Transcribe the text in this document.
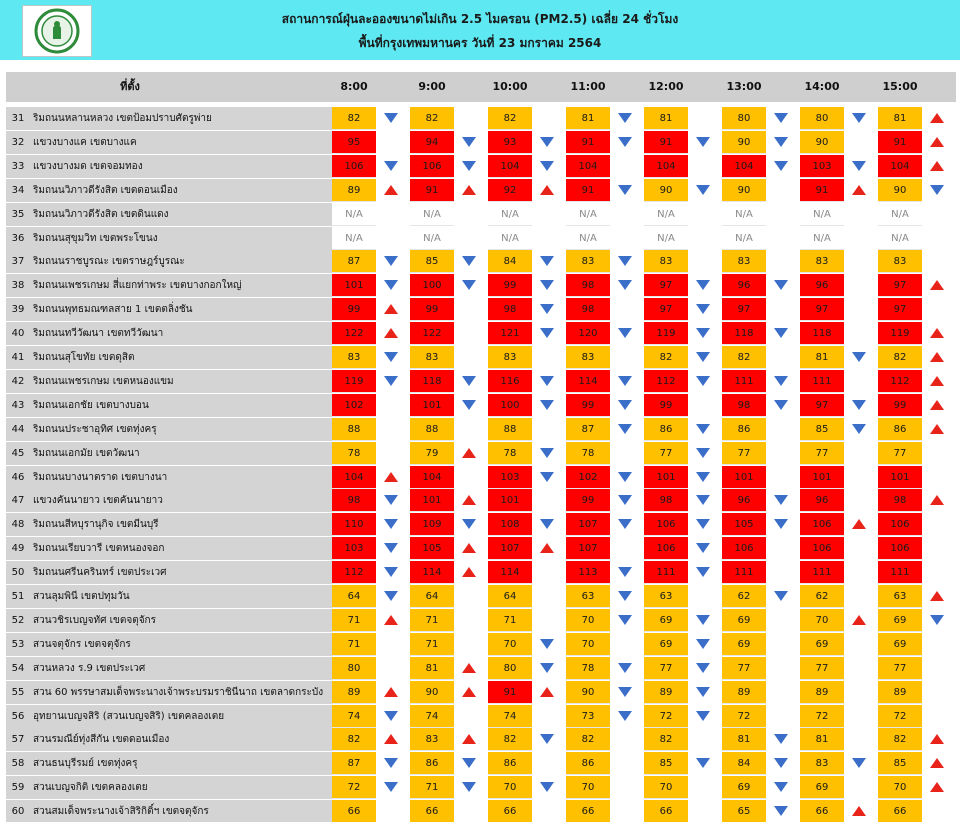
สถานการณ์ฝุ่นละอองขนาดไม่เกิน 2.5 ไมครอน (PM2.5) เฉลี่ย 24 ชั่วโมง
พื้นที่กรุงเทพมหานคร วันที่ 23 มกราคม 2564
ที่ตั้ง	8:00	9:00	10:00	11:00	12:00	13:00	14:00	15:00
31 ริมถนนหลานหลวง เขตป้อมปราบศัตรูพ่าย	82	82	82	81	81	80	80	81
32 แขวงบางแค เขตบางแค	95	94	93	91	91	90	90	91
33 แขวงบางมด เขตจอมทอง	106	106	104	104	104	104	103	104
34 ริมถนนวิภาวดีรังสิต เขตดอนเมือง	89	91	92	91	90	90	91	90
35 ริมถนนวิภาวดีรังสิต เขตดินแดง	N/A	N/A	N/A	N/A	N/A	N/A	N/A	N/A
36 ริมถนนสุขุมวิท เขตพระโขนง	N/A	N/A	N/A	N/A	N/A	N/A	N/A	N/A
37 ริมถนนราชบูรณะ เขตราษฎร์บูรณะ	87	85	84	83	83	83	83	83
38 ริมถนนเพชรเกษม สี่แยกท่าพระ เขตบางกอกใหญ่	101	100	99	98	97	96	96	97
39 ริมถนนพุทธมณฑลสาย 1 เขตตลิ่งชัน	99	99	98	98	97	97	97	97
40 ริมถนนทวีวัฒนา เขตทวีวัฒนา	122	122	121	120	119	118	118	119
41 ริมถนนสุโขทัย เขตดุสิต	83	83	83	83	82	82	81	82
42 ริมถนนเพชรเกษม เขตหนองแขม	119	118	116	114	112	111	111	112
43 ริมถนนเอกชัย เขตบางบอน	102	101	100	99	99	98	97	99
44 ริมถนนประชาอุทิศ เขตทุ่งครุ	88	88	88	87	86	86	85	86
45 ริมถนนเอกมัย เขตวัฒนา	78	79	78	78	77	77	77	77
46 ริมถนนบางนาตราด เขตบางนา	104	104	103	102	101	101	101	101
47 แขวงคันนายาว เขตคันนายาว	98	101	101	99	98	96	96	98
48 ริมถนนสีหบุรานุกิจ เขตมีนบุรี	110	109	108	107	106	105	106	106
49 ริมถนนเรียบวารี เขตหนองจอก	103	105	107	107	106	106	106	106
50 ริมถนนศรีนครินทร์ เขตประเวศ	112	114	114	113	111	111	111	111
51 สวนลุมพินี เขตปทุมวัน	64	64	64	63	63	62	62	63
52 สวนวชิรเบญจทัศ เขตจตุจักร	71	71	71	70	69	69	70	69
53 สวนจตุจักร เขตจตุจักร	71	71	70	70	69	69	69	69
54 สวนหลวง ร.9 เขตประเวศ	80	81	80	78	77	77	77	77
55 สวน 60 พรรษาสมเด็จพระนางเจ้าพระบรมราชินีนาถ เขตลาดกระบัง	89	90	91	90	89	89	89	89
56 อุทยานเบญจสิริ (สวนเบญจสิริ) เขตคลองเตย	74	74	74	73	72	72	72	72
57 สวนรมณีย์ทุ่งสีกัน เขตดอนเมือง	82	83	82	82	82	81	81	82
58 สวนธนบุรีรมย์ เขตทุ่งครุ	87	86	86	86	85	84	83	85
59 สวนเบญจกิติ เขตคลองเตย	72	71	70	70	70	69	69	70
60 สวนสมเด็จพระนางเจ้าสิริกิติ์ฯ เขตจตุจักร	66	66	66	66	66	65	66	66
